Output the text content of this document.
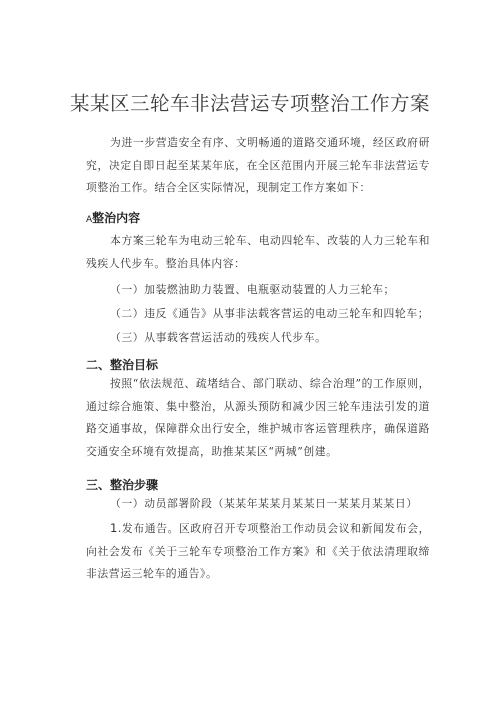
某某区三轮车非法营运专项整治工作方案
为进一步营造安全有序、文明畅通的道路交通环境，经区政府研究，决定自即日起至某某年底，在全区范围内开展三轮车非法营运专项整治工作。结合全区实际情况，现制定工作方案如下：
A整治内容
本方案三轮车为电动三轮车、电动四轮车、改装的人力三轮车和残疾人代步车。整治具体内容：
（一）加装燃油助力装置、电瓶驱动装置的人力三轮车；
（二）违反《通告》从事非法载客营运的电动三轮车和四轮车；
（三）从事载客营运活动的残疾人代步车。
二、整治目标
按照“依法规范、疏堵结合、部门联动、综合治理”的工作原则，通过综合施策、集中整治，从源头预防和减少因三轮车违法引发的道路交通事故，保障群众出行安全，维护城市客运管理秩序，确保道路交通安全环境有效提高，助推某某区“两城”创建。
三、整治步骤
（一）动员部署阶段（某某年某某月某某日一某某月某某日）
1.发布通告。区政府召开专项整治工作动员会议和新闻发布会，向社会发布《关于三轮车专项整治工作方案》和《关于依法清理取缔非法营运三轮车的通告》。
